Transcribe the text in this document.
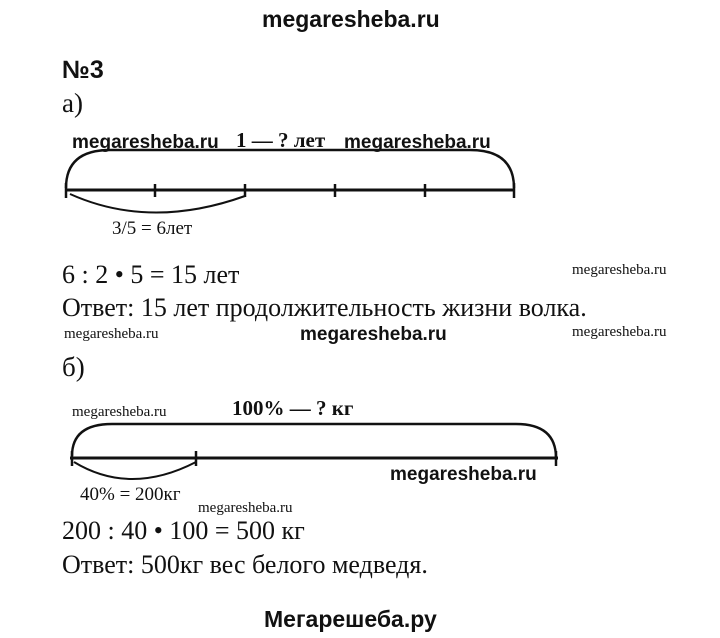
megaresheba.ru
№3
а)
megaresheba.ru 1 — ? лет megaresheba.ru
3/5 = 6лет
6 : 2 • 5 = 15 лет	megaresheba.ru
Ответ: 15 лет продолжительность жизни волка.
megaresheba.ru	megaresheba.ru	megaresheba.ru
б)
megaresheba.ru	100% — ? кг
megaresheba.ru
40% = 200кг
megaresheba.ru
200 : 40 • 100 = 500 кг
Ответ: 500кг вес белого медведя.
Мегарешеба.ру
